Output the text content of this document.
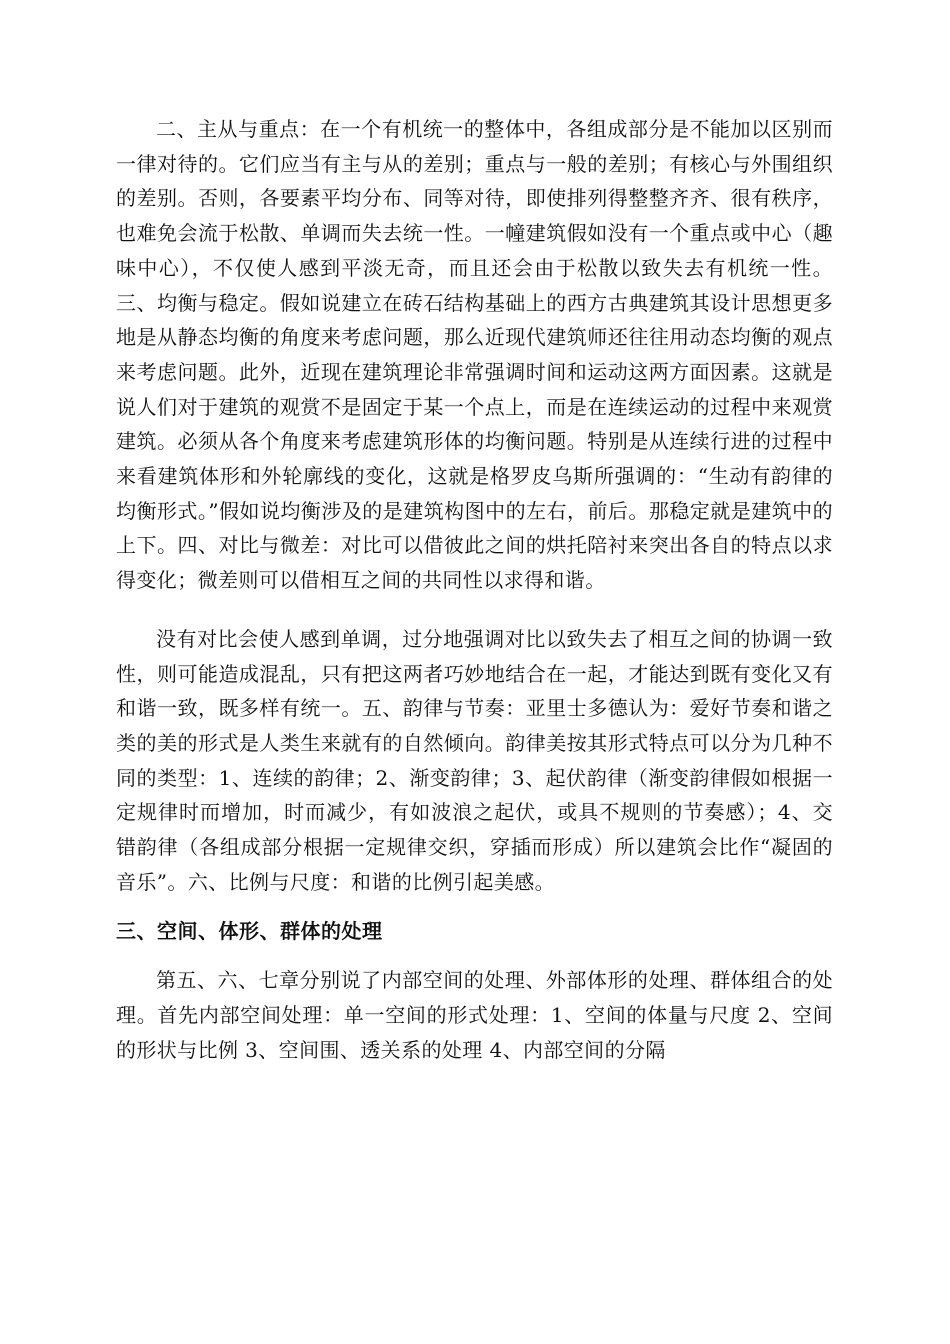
二、主从与重点：在一个有机统一的整体中，各组成部分是不能加以区别而一律对待的。它们应当有主与从的差别；重点与一般的差别；有核心与外围组织的差别。否则，各要素平均分布、同等对待，即使排列得整整齐齐、很有秩序，也难免会流于松散、单调而失去统一性。一幢建筑假如没有一个重点或中心（趣味中心），不仅使人感到平淡无奇，而且还会由于松散以致失去有机统一性。三、均衡与稳定。假如说建立在砖石结构基础上的西方古典建筑其设计思想更多地是从静态均衡的角度来考虑问题，那么近现代建筑师还往往用动态均衡的观点来考虑问题。此外，近现在建筑理论非常强调时间和运动这两方面因素。这就是说人们对于建筑的观赏不是固定于某一个点上，而是在连续运动的过程中来观赏建筑。必须从各个角度来考虑建筑形体的均衡问题。特别是从连续行进的过程中来看建筑体形和外轮廓线的变化，这就是格罗皮乌斯所强调的：“生动有韵律的均衡形式。”假如说均衡涉及的是建筑构图中的左右，前后。那稳定就是建筑中的上下。四、对比与微差：对比可以借彼此之间的烘托陪衬来突出各自的特点以求得变化；微差则可以借相互之间的共同性以求得和谐。

没有对比会使人感到单调，过分地强调对比以致失去了相互之间的协调一致性，则可能造成混乱，只有把这两者巧妙地结合在一起，才能达到既有变化又有和谐一致，既多样有统一。五、韵律与节奏：亚里士多德认为：爱好节奏和谐之类的美的形式是人类生来就有的自然倾向。韵律美按其形式特点可以分为几种不同的类型：1、连续的韵律；2、渐变韵律；3、起伏韵律（渐变韵律假如根据一定规律时而增加，时而减少，有如波浪之起伏，或具不规则的节奏感）；4、交错韵律（各组成部分根据一定规律交织，穿插而形成）所以建筑会比作“凝固的音乐”。六、比例与尺度：和谐的比例引起美感。

三、空间、体形、群体的处理

第五、六、七章分别说了内部空间的处理、外部体形的处理、群体组合的处理。首先内部空间处理：单一空间的形式处理：1、空间的体量与尺度 2、空间的形状与比例 3、空间围、透关系的处理 4、内部空间的分隔
